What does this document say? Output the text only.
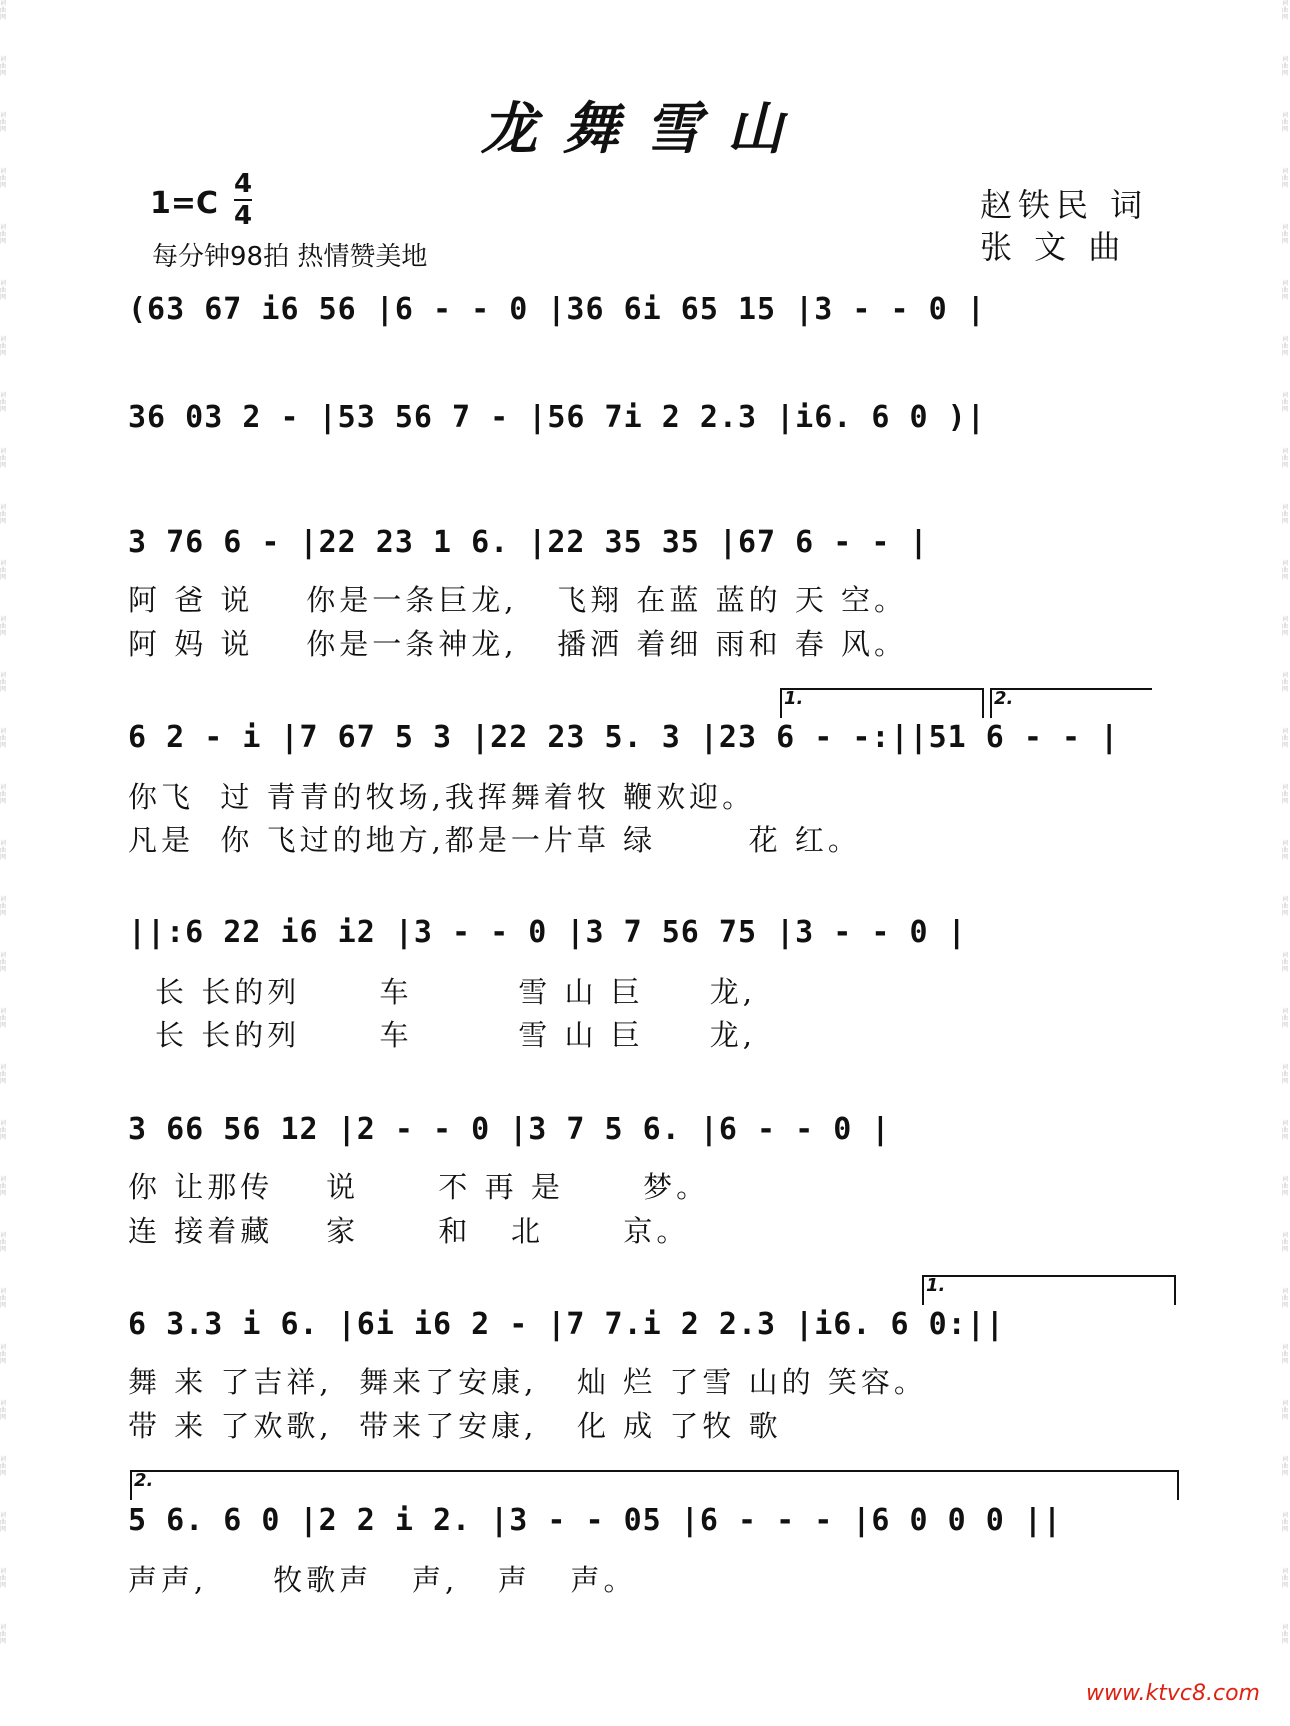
词曲网
词曲网
词曲网
词曲网
词曲网
词曲网
词曲网
词曲网
词曲网
词曲网
词曲网
词曲网
词曲网
词曲网
词曲网
词曲网
词曲网
词曲网
词曲网
词曲网
词曲网
词曲网
词曲网
词曲网
词曲网
词曲网
词曲网
词曲网
词曲网
词曲网
词曲网
词曲网
词曲网
词曲网
词曲网
词曲网
词曲网
词曲网
词曲网
词曲网
词曲网
词曲网
词曲网
词曲网
词曲网
词曲网
词曲网
词曲网
词曲网
词曲网
词曲网
词曲网
词曲网
词曲网
词曲网
词曲网
词曲网
词曲网
词曲网
词曲网
龙舞雪山
1=C
4
4
每分钟98拍 热情赞美地
赵铁民 词
张 文 曲
(63 67 i6 56 |6 - - 0 |36 6i 65 15 |3 - - 0 |
36 03 2 - |53 56 7 - |56 7i 2 2.3 |i6. 6 0 )|
3 76 6 - |22 23 1 6. |22 35 35 |67 6 - - |
阿 爸 说    你是一条巨龙,   飞翔 在蓝 蓝的 天 空。
阿 妈 说    你是一条神龙,   播洒 着细 雨和 春 风。
1.	2.
6 2 - i |7 67 5 3 |22 23 5. 3 |23 6 - -:||51 6 - - |
你飞  过 青青的牧场,我挥舞着牧 鞭欢迎。
凡是  你 飞过的地方,都是一片草 绿       花 红。
||:6 22 i6 i2 |3 - - 0 |3 7 56 75 |3 - - 0 |
长 长的列      车        雪 山 巨     龙,
长 长的列      车        雪 山 巨     龙,
3 66 56 12 |2 - - 0 |3 7 5 6. |6 - - 0 |
你 让那传    说      不 再 是      梦。
连 接着藏    家      和   北      京。
1.
6 3.3 i 6. |6i i6 2 - |7 7.i 2 2.3 |i6. 6 0:||
舞 来 了吉祥,  舞来了安康,   灿 烂 了雪 山的 笑容。
带 来 了欢歌,  带来了安康,   化 成 了牧 歌
2.
5 6. 6 0 |2 2 i 2. |3 - - 05 |6 - - - |6 0 0 0 ||
声声,     牧歌声   声,   声   声。
www.ktvc8.com
